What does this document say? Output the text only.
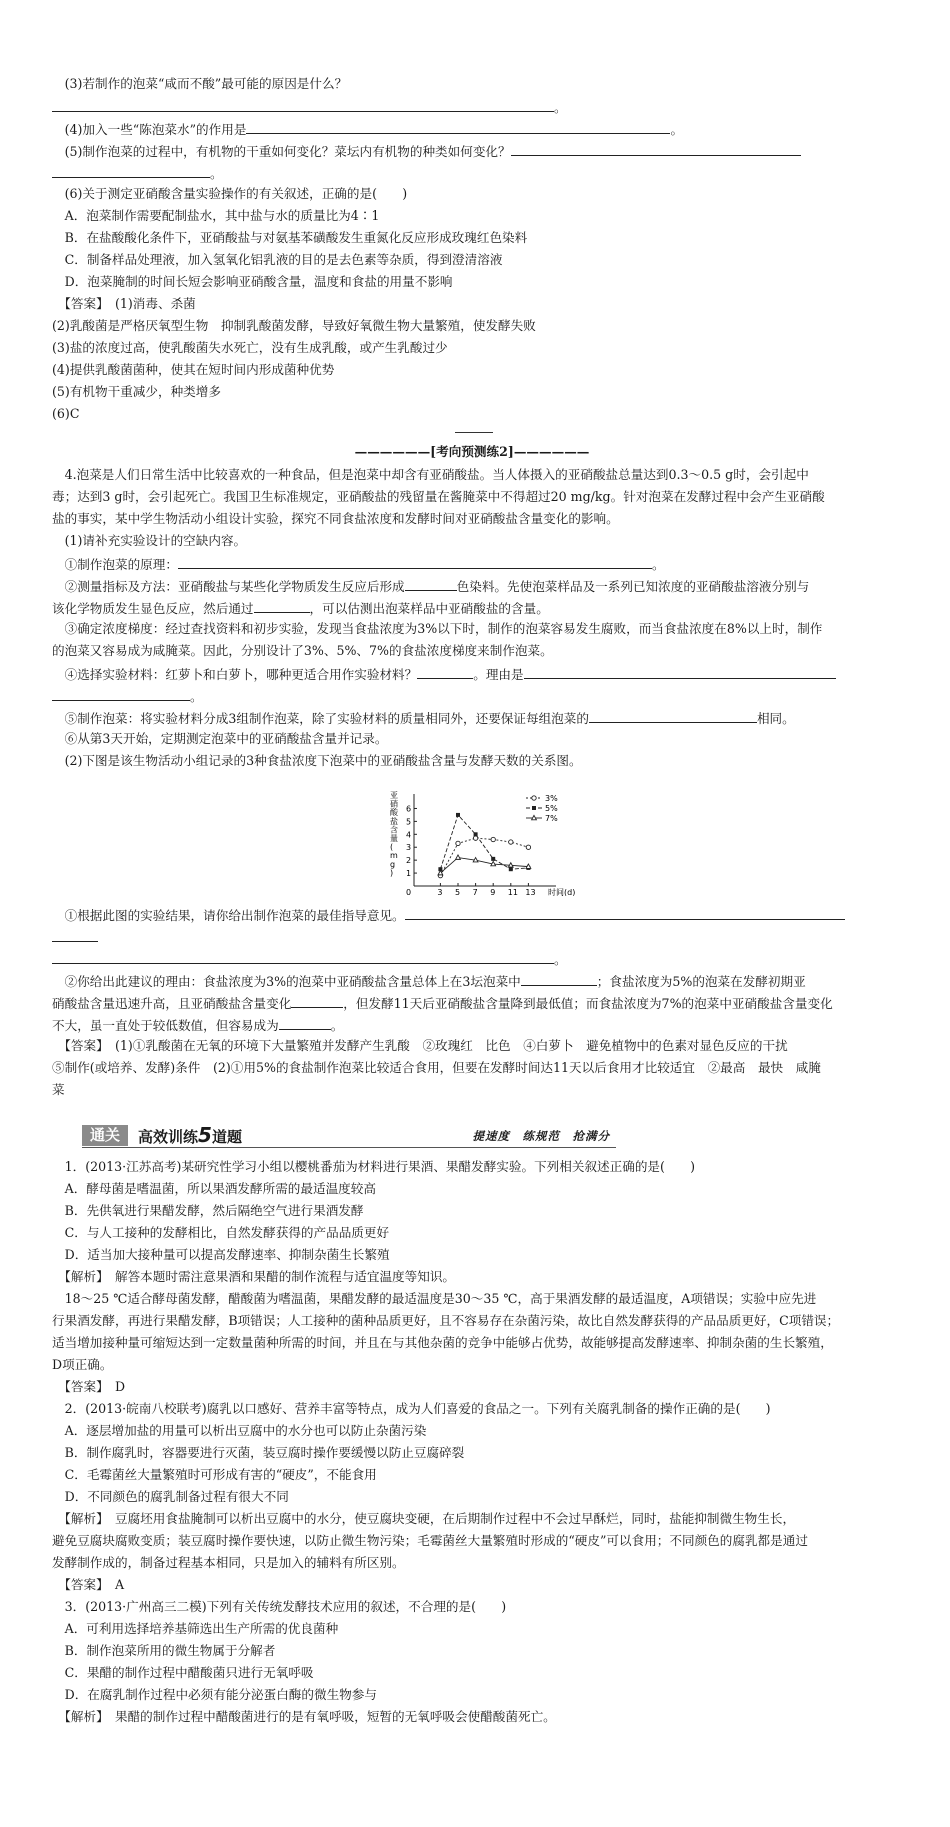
　(3)若制作的泡菜“咸而不酸”最可能的原因是什么？
。
　(4)加入一些“陈泡菜水”的作用是	。
　(5)制作泡菜的过程中，有机物的干重如何变化？菜坛内有机物的种类如何变化？
。
　(6)关于测定亚硝酸含量实验操作的有关叙述，正确的是(　　)
　A．泡菜制作需要配制盐水，其中盐与水的质量比为4∶1
　B．在盐酸酸化条件下，亚硝酸盐与对氨基苯磺酸发生重氮化反应形成玫瑰红色染料
　C．制备样品处理液，加入氢氧化铝乳液的目的是去色素等杂质，得到澄清溶液
　D．泡菜腌制的时间长短会影响亚硝酸含量，温度和食盐的用量不影响
　【答案】　 (1)消毒、杀菌
(2)乳酸菌是严格厌氧型生物　抑制乳酸菌发酵，导致好氧微生物大量繁殖，使发酵失败
(3)盐的浓度过高，使乳酸菌失水死亡，没有生成乳酸，或产生乳酸过少
(4)提供乳酸菌菌种，使其在短时间内形成菌种优势
(5)有机物干重减少，种类增多
(6)C
——————[考向预测练2]——————
　4.泡菜是人们日常生活中比较喜欢的一种食品，但是泡菜中却含有亚硝酸盐。当人体摄入的亚硝酸盐总量达到0.3～0.5 g时，会引起中
毒；达到3 g时，会引起死亡。我国卫生标准规定，亚硝酸盐的残留量在酱腌菜中不得超过20 mg/kg。针对泡菜在发酵过程中会产生亚硝酸
盐的事实，某中学生物活动小组设计实验，探究不同食盐浓度和发酵时间对亚硝酸盐含量变化的影响。
　(1)请补充实验设计的空缺内容。
　①制作泡菜的原理：	。
　②测量指标及方法：亚硝酸盐与某些化学物质发生反应后形成	色染料。先使泡菜样品及一系列已知浓度的亚硝酸盐溶液分别与
该化学物质发生显色反应，然后通过	，可以估测出泡菜样品中亚硝酸盐的含量。
　③确定浓度梯度：经过查找资料和初步实验，发现当食盐浓度为3%以下时，制作的泡菜容易发生腐败，而当食盐浓度在8%以上时，制作
的泡菜又容易成为咸腌菜。因此，分别设计了3%、5%、7%的食盐浓度梯度来制作泡菜。
　④选择实验材料：红萝卜和白萝卜，哪种更适合用作实验材料？	。理由是
。
　⑤制作泡菜：将实验材料分成3组制作泡菜，除了实验材料的质量相同外，还要保证每组泡菜的	相同。
　⑥从第3天开始，定期测定泡菜中的亚硝酸盐含量并记录。
　(2)下图是该生物活动小组记录的3种食盐浓度下泡菜中的亚硝酸盐含量与发酵天数的关系图。
0
1
2
3
4
5
6
3 5 7 9 11 13 时间(d)
亚硝酸盐含量( m g )
3%
5%
7%
　①根据此图的实验结果，请你给出制作泡菜的最佳指导意见。
。
　②你给出此建议的理由：食盐浓度为3%的泡菜中亚硝酸盐含量总体上在3坛泡菜中	；食盐浓度为5%的泡菜在发酵初期亚
硝酸盐含量迅速升高，且亚硝酸盐含量变化	，但发酵11天后亚硝酸盐含量降到最低值；而食盐浓度为7%的泡菜中亚硝酸盐含量变化
不大，虽一直处于较低数值，但容易成为	。
　【答案】　 (1)①乳酸菌在无氧的环境下大量繁殖并发酵产生乳酸　②玫瑰红　比色　④白萝卜　避免植物中的色素对显色反应的干扰
⑤制作(或培养、发酵)条件　(2)①用5%的食盐制作泡菜比较适合食用，但要在发酵时间达11天以后食用才比较适宜　②最高　最快　咸腌
菜
通关	高效训练5道题	提速度　练规范　抢满分
　1．(2013·江苏高考)某研究性学习小组以樱桃番茄为材料进行果酒、果醋发酵实验。下列相关叙述正确的是(　　)
　A．酵母菌是嗜温菌，所以果酒发酵所需的最适温度较高
　B．先供氧进行果醋发酵，然后隔绝空气进行果酒发酵
　C．与人工接种的发酵相比，自然发酵获得的产品品质更好
　D．适当加大接种量可以提高发酵速率、抑制杂菌生长繁殖
　【解析】　 解答本题时需注意果酒和果醋的制作流程与适宜温度等知识。
　18～25 ℃适合酵母菌发酵，醋酸菌为嗜温菌，果醋发酵的最适温度是30～35 ℃，高于果酒发酵的最适温度，A项错误；实验中应先进
行果酒发酵，再进行果醋发酵，B项错误；人工接种的菌种品质更好，且不容易存在杂菌污染，故比自然发酵获得的产品品质更好，C项错误；
适当增加接种量可缩短达到一定数量菌种所需的时间，并且在与其他杂菌的竞争中能够占优势，故能够提高发酵速率、抑制杂菌的生长繁殖，
D项正确。
　【答案】　 D
　2．(2013·皖南八校联考)腐乳以口感好、营养丰富等特点，成为人们喜爱的食品之一。下列有关腐乳制备的操作正确的是(　　)
　A．逐层增加盐的用量可以析出豆腐中的水分也可以防止杂菌污染
　B．制作腐乳时，容器要进行灭菌，装豆腐时操作要缓慢以防止豆腐碎裂
　C．毛霉菌丝大量繁殖时可形成有害的“硬皮”，不能食用
　D．不同颜色的腐乳制备过程有很大不同
　【解析】　 豆腐坯用食盐腌制可以析出豆腐中的水分，使豆腐块变硬，在后期制作过程中不会过早酥烂，同时，盐能抑制微生物生长，
避免豆腐块腐败变质；装豆腐时操作要快速，以防止微生物污染；毛霉菌丝大量繁殖时形成的“硬皮”可以食用；不同颜色的腐乳都是通过
发酵制作成的，制备过程基本相同，只是加入的辅料有所区别。
　【答案】　 A
　3．(2013·广州高三二模)下列有关传统发酵技术应用的叙述，不合理的是(　　)
　A．可利用选择培养基筛选出生产所需的优良菌种
　B．制作泡菜所用的微生物属于分解者
　C．果醋的制作过程中醋酸菌只进行无氧呼吸
　D．在腐乳制作过程中必须有能分泌蛋白酶的微生物参与
　【解析】　 果醋的制作过程中醋酸菌进行的是有氧呼吸，短暂的无氧呼吸会使醋酸菌死亡。
